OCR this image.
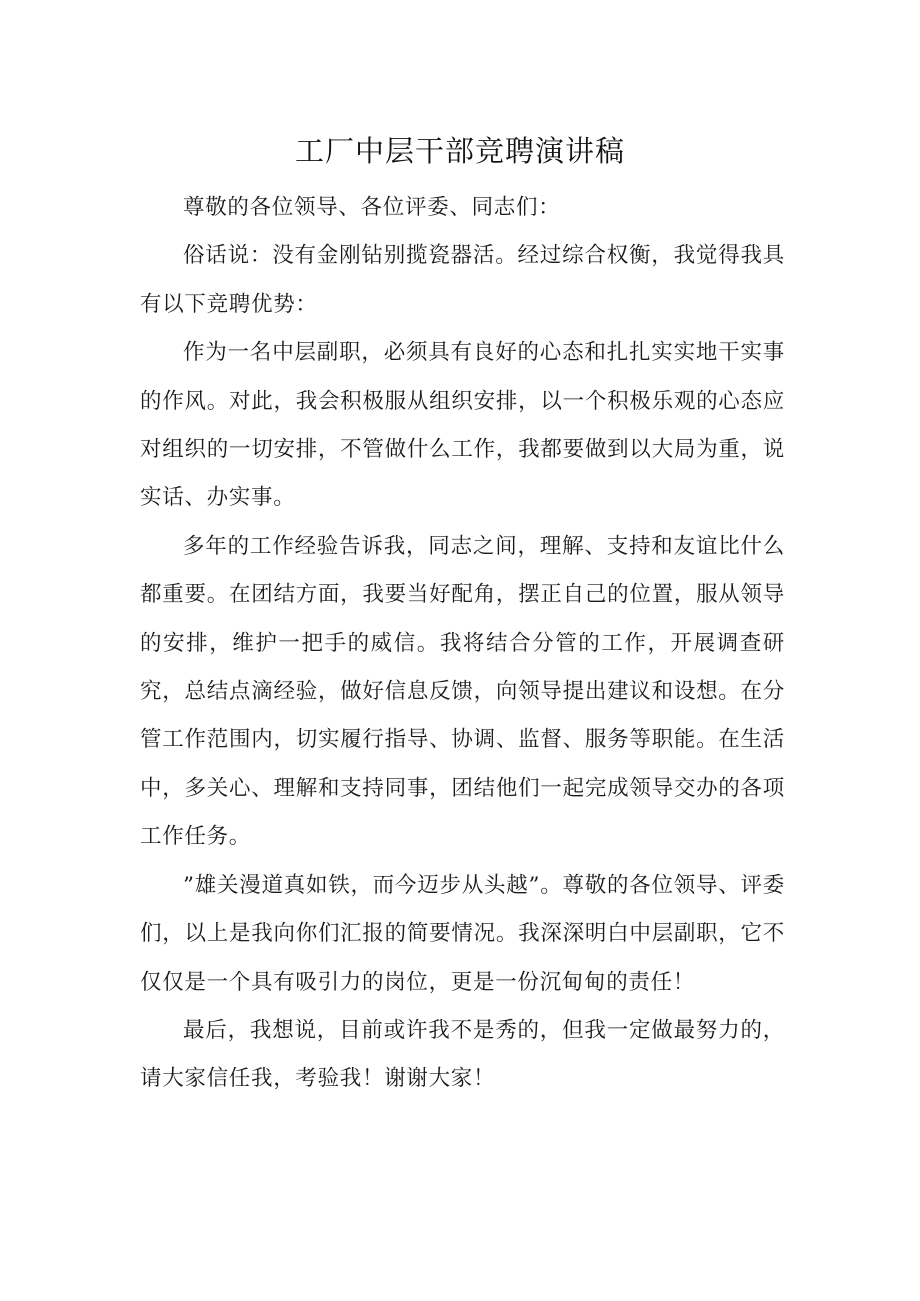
工厂中层干部竞聘演讲稿

尊敬的各位领导、各位评委、同志们：

俗话说：没有金刚钻别揽瓷器活。经过综合权衡，我觉得我具有以下竞聘优势：

作为一名中层副职，必须具有良好的心态和扎扎实实地干实事的作风。对此，我会积极服从组织安排，以一个积极乐观的心态应对组织的一切安排，不管做什么工作，我都要做到以大局为重，说实话、办实事。

多年的工作经验告诉我，同志之间，理解、支持和友谊比什么都重要。在团结方面，我要当好配角，摆正自己的位置，服从领导的安排，维护一把手的威信。我将结合分管的工作，开展调查研究，总结点滴经验，做好信息反馈，向领导提出建议和设想。在分管工作范围内，切实履行指导、协调、监督、服务等职能。在生活中，多关心、理解和支持同事，团结他们一起完成领导交办的各项工作任务。

”雄关漫道真如铁，而今迈步从头越”。尊敬的各位领导、评委们，以上是我向你们汇报的简要情况。我深深明白中层副职，它不仅仅是一个具有吸引力的岗位，更是一份沉甸甸的责任！

最后，我想说，目前或许我不是秀的，但我一定做最努力的，请大家信任我，考验我！谢谢大家！
